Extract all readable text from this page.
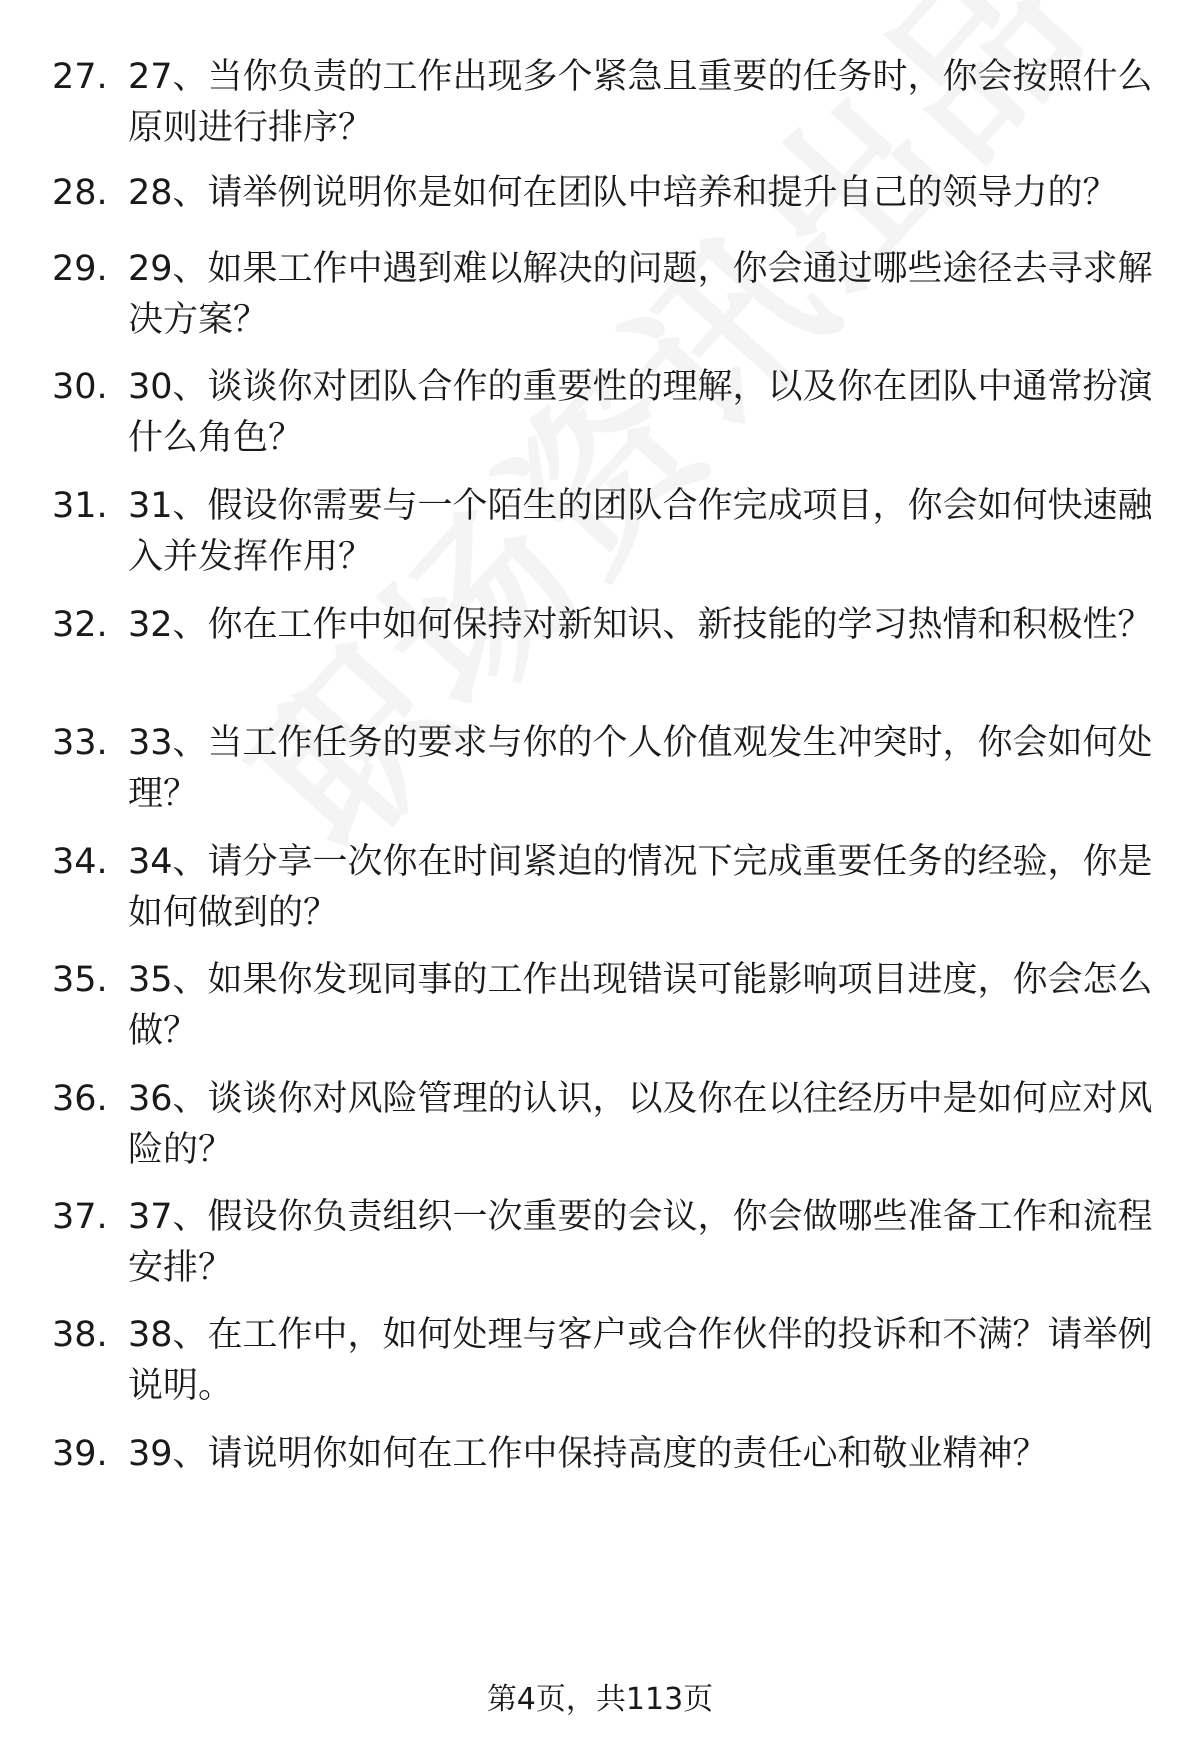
27. 27、当你负责的工作出现多个紧急且重要的任务时，你会按照什么原则进行排序？
28. 28、请举例说明你是如何在团队中培养和提升自己的领导力的？
29. 29、如果工作中遇到难以解决的问题，你会通过哪些途径去寻求解决方案？
30. 30、谈谈你对团队合作的重要性的理解，以及你在团队中通常扮演什么角色？
31. 31、假设你需要与一个陌生的团队合作完成项目，你会如何快速融入并发挥作用？
32. 32、你在工作中如何保持对新知识、新技能的学习热情和积极性？
33. 33、当工作任务的要求与你的个人价值观发生冲突时，你会如何处理？
34. 34、请分享一次你在时间紧迫的情况下完成重要任务的经验，你是如何做到的？
35. 35、如果你发现同事的工作出现错误可能影响项目进度，你会怎么做？
36. 36、谈谈你对风险管理的认识，以及你在以往经历中是如何应对风险的？
37. 37、假设你负责组织一次重要的会议，你会做哪些准备工作和流程安排？
38. 38、在工作中，如何处理与客户或合作伙伴的投诉和不满？请举例说明。
39. 39、请说明你如何在工作中保持高度的责任心和敬业精神？
第4页，共113页
